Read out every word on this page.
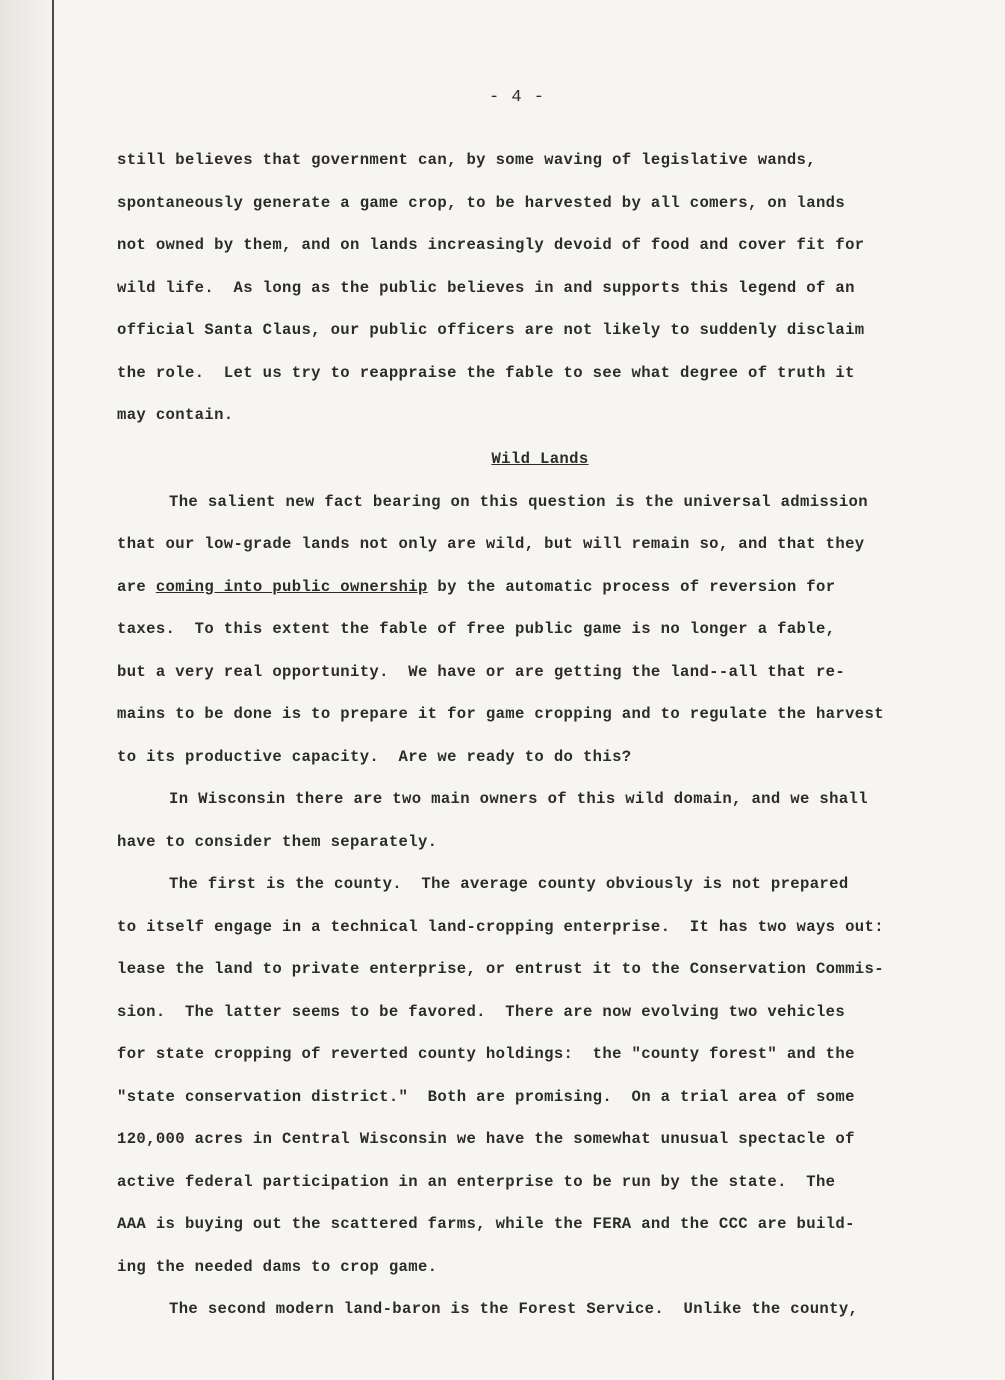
- 4 -
still believes that government can, by some waving of legislative wands,
spontaneously generate a game crop, to be harvested by all comers, on lands
not owned by them, and on lands increasingly devoid of food and cover fit for
wild life.  As long as the public believes in and supports this legend of an
official Santa Claus, our public officers are not likely to suddenly disclaim
the role.  Let us try to reappraise the fable to see what degree of truth it
may contain.
Wild Lands
The salient new fact bearing on this question is the universal admission
that our low-grade lands not only are wild, but will remain so, and that they
are coming into public ownership by the automatic process of reversion for
taxes.  To this extent the fable of free public game is no longer a fable,
but a very real opportunity.  We have or are getting the land--all that re-
mains to be done is to prepare it for game cropping and to regulate the harvest
to its productive capacity.  Are we ready to do this?
In Wisconsin there are two main owners of this wild domain, and we shall
have to consider them separately.
The first is the county.  The average county obviously is not prepared
to itself engage in a technical land-cropping enterprise.  It has two ways out:
lease the land to private enterprise, or entrust it to the Conservation Commis-
sion.  The latter seems to be favored.  There are now evolving two vehicles
for state cropping of reverted county holdings:  the "county forest" and the
"state conservation district."  Both are promising.  On a trial area of some
120,000 acres in Central Wisconsin we have the somewhat unusual spectacle of
active federal participation in an enterprise to be run by the state.  The
AAA is buying out the scattered farms, while the FERA and the CCC are build-
ing the needed dams to crop game.
The second modern land-baron is the Forest Service.  Unlike the county,
